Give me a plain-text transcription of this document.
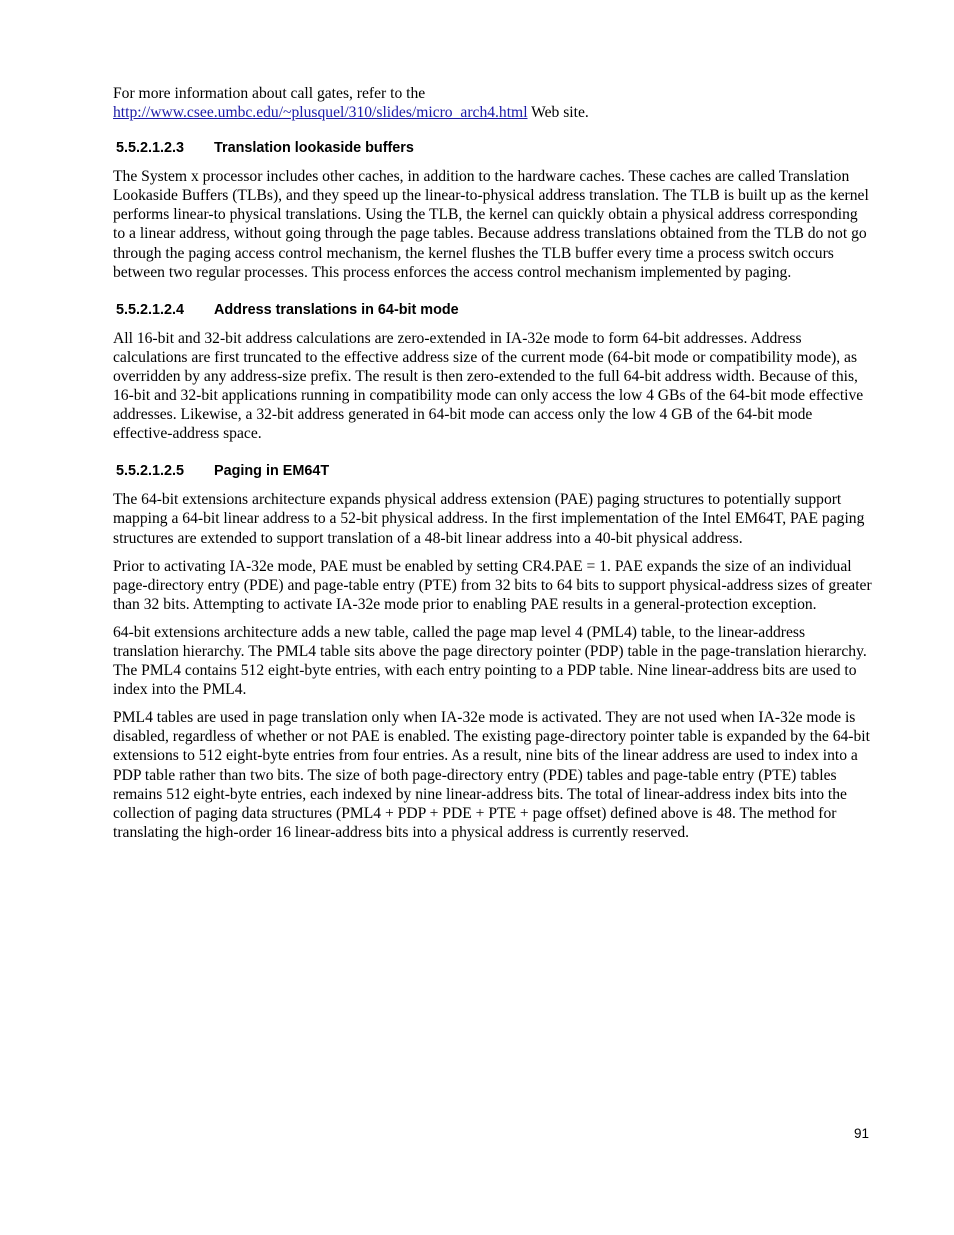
For more information about call gates, refer to the
http://www.csee.umbc.edu/~plusquel/310/slides/micro_arch4.html Web site.

5.5.2.1.2.3 Translation lookaside buffers

The System x processor includes other caches, in addition to the hardware caches. These caches are called Translation Lookaside Buffers (TLBs), and they speed up the linear-to-physical address translation. The TLB is built up as the kernel performs linear-to physical translations. Using the TLB, the kernel can quickly obtain a physical address corresponding to a linear address, without going through the page tables. Because address translations obtained from the TLB do not go through the paging access control mechanism, the kernel flushes the TLB buffer every time a process switch occurs between two regular processes. This process enforces the access control mechanism implemented by paging.

5.5.2.1.2.4 Address translations in 64-bit mode

All 16-bit and 32-bit address calculations are zero-extended in IA-32e mode to form 64-bit addresses. Address calculations are first truncated to the effective address size of the current mode (64-bit mode or compatibility mode), as overridden by any address-size prefix. The result is then zero-extended to the full 64-bit address width. Because of this, 16-bit and 32-bit applications running in compatibility mode can only access the low 4 GBs of the 64-bit mode effective addresses. Likewise, a 32-bit address generated in 64-bit mode can access only the low 4 GB of the 64-bit mode effective-address space.

5.5.2.1.2.5 Paging in EM64T

The 64-bit extensions architecture expands physical address extension (PAE) paging structures to potentially support mapping a 64-bit linear address to a 52-bit physical address. In the first implementation of the Intel EM64T, PAE paging structures are extended to support translation of a 48-bit linear address into a 40-bit physical address.

Prior to activating IA-32e mode, PAE must be enabled by setting CR4.PAE = 1. PAE expands the size of an individual page-directory entry (PDE) and page-table entry (PTE) from 32 bits to 64 bits to support physical-address sizes of greater than 32 bits. Attempting to activate IA-32e mode prior to enabling PAE results in a general-protection exception.

64-bit extensions architecture adds a new table, called the page map level 4 (PML4) table, to the linear-address translation hierarchy. The PML4 table sits above the page directory pointer (PDP) table in the page-translation hierarchy. The PML4 contains 512 eight-byte entries, with each entry pointing to a PDP table. Nine linear-address bits are used to index into the PML4.

PML4 tables are used in page translation only when IA-32e mode is activated. They are not used when IA-32e mode is disabled, regardless of whether or not PAE is enabled. The existing page-directory pointer table is expanded by the 64-bit extensions to 512 eight-byte entries from four entries. As a result, nine bits of the linear address are used to index into a PDP table rather than two bits. The size of both page-directory entry (PDE) tables and page-table entry (PTE) tables remains 512 eight-byte entries, each indexed by nine linear-address bits. The total of linear-address index bits into the collection of paging data structures (PML4 + PDP + PDE + PTE + page offset) defined above is 48. The method for translating the high-order 16 linear-address bits into a physical address is currently reserved.

91
